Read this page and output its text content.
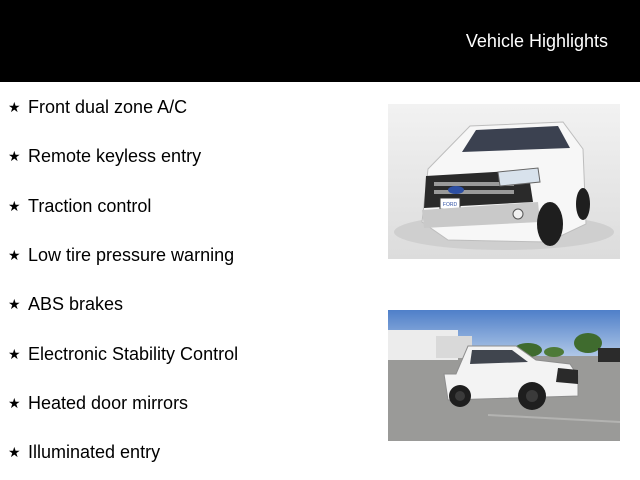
Vehicle Highlights
★ Front dual zone A/C
★ Remote keyless entry
★ Traction control
★ Low tire pressure warning
★ ABS brakes
★ Electronic Stability Control
★ Heated door mirrors
★ Illuminated entry
FORD
